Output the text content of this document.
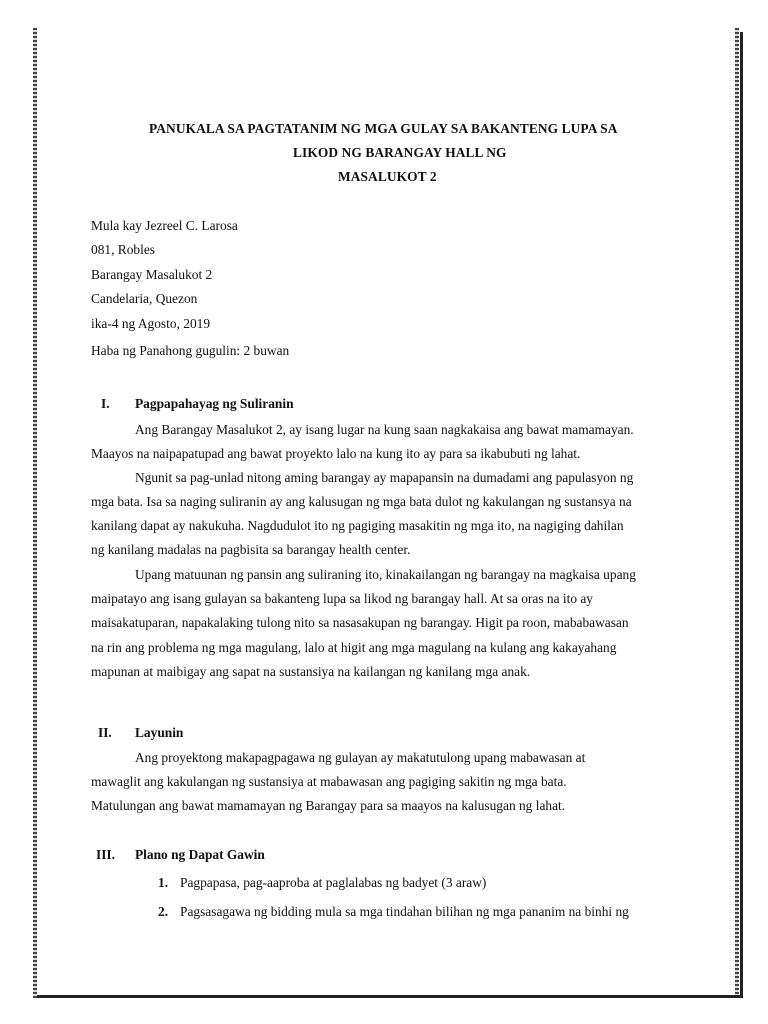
PANUKALA SA PAGTATANIM NG MGA GULAY SA BAKANTENG LUPA SA
LIKOD NG BARANGAY HALL NG
MASALUKOT 2
Mula kay Jezreel C. Larosa
081, Robles
Barangay Masalukot 2
Candelaria, Quezon
ika-4 ng Agosto, 2019
Haba ng Panahong gugulin: 2 buwan
I. Pagpapahayag ng Suliranin
Ang Barangay Masalukot 2, ay isang lugar na kung saan nagkakaisa ang bawat mamamayan.
Maayos na naipapatupad ang bawat proyekto lalo na kung ito ay para sa ikabubuti ng lahat.
Ngunit sa pag-unlad nitong aming barangay ay mapapansin na dumadami ang papulasyon ng
mga bata. Isa sa naging suliranin ay ang kalusugan ng mga bata dulot ng kakulangan ng sustansya na
kanilang dapat ay nakukuha. Nagdudulot ito ng pagiging masakitin ng mga ito, na nagiging dahilan
ng kanilang madalas na pagbisita sa barangay health center.
Upang matuunan ng pansin ang suliraning ito, kinakailangan ng barangay na magkaisa upang
maipatayo ang isang gulayan sa bakanteng lupa sa likod ng barangay hall. At sa oras na ito ay
maisakatuparan, napakalaking tulong nito sa nasasakupan ng barangay. Higit pa roon, mababawasan
na rin ang problema ng mga magulang, lalo at higit ang mga magulang na kulang ang kakayahang
mapunan at maibigay ang sapat na sustansiya na kailangan ng kanilang mga anak.
II. Layunin
Ang proyektong makapagpagawa ng gulayan ay makatutulong upang mabawasan at
mawaglit ang kakulangan ng sustansiya at mabawasan ang pagiging sakitin ng mga bata.
Matulungan ang bawat mamamayan ng Barangay para sa maayos na kalusugan ng lahat.
III. Plano ng Dapat Gawin
1. Pagpapasa, pag-aaproba at paglalabas ng badyet (3 araw)
2. Pagsasagawa ng bidding mula sa mga tindahan bilihan ng mga pananim na binhi ng
